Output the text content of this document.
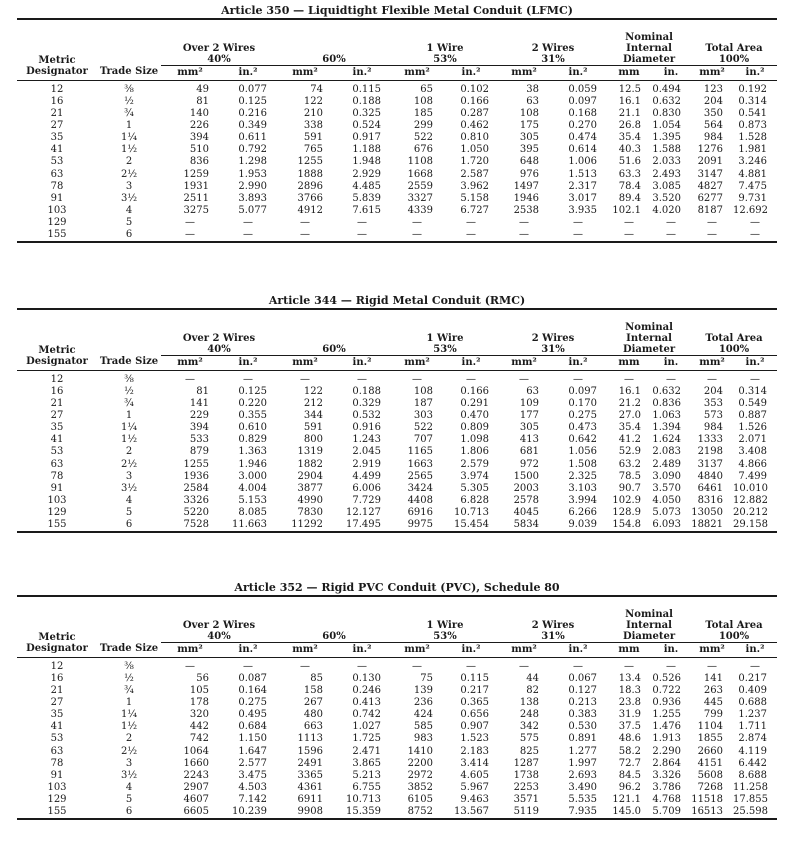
Article 350 — Liquidtight Flexible Metal Conduit (LFMC)
Metric Designator	Trade Size	Over 2 Wires
40%		60%		1 Wire
53%		2 Wires
31%		Nominal Internal Diameter		Total Area
100%	
		mm²	in.²	mm²	in.²	mm²	in.²	mm²	in.²	mm	in.	mm²	in.²
12	⅜	49	0.077	74	0.115	65	0.102	38	0.059	12.5	0.494	123	0.192
16	½	81	0.125	122	0.188	108	0.166	63	0.097	16.1	0.632	204	0.314
21	¾	140	0.216	210	0.325	185	0.287	108	0.168	21.1	0.830	350	0.541
27	1	226	0.349	338	0.524	299	0.462	175	0.270	26.8	1.054	564	0.873
35	1¼	394	0.611	591	0.917	522	0.810	305	0.474	35.4	1.395	984	1.528
41	1½	510	0.792	765	1.188	676	1.050	395	0.614	40.3	1.588	1276	1.981
53	2	836	1.298	1255	1.948	1108	1.720	648	1.006	51.6	2.033	2091	3.246
63	2½	1259	1.953	1888	2.929	1668	2.587	976	1.513	63.3	2.493	3147	4.881
78	3	1931	2.990	2896	4.485	2559	3.962	1497	2.317	78.4	3.085	4827	7.475
91	3½	2511	3.893	3766	5.839	3327	5.158	1946	3.017	89.4	3.520	6277	9.731
103	4	3275	5.077	4912	7.615	4339	6.727	2538	3.935	102.1	4.020	8187	12.692
129	5	—	—	—	—	—	—	—	—	—	—	—	—
155	6	—	—	—	—	—	—	—	—	—	—	—	—
Article 344 — Rigid Metal Conduit (RMC)
Metric Designator	Trade Size	Over 2 Wires
40%		60%		1 Wire
53%		2 Wires
31%		Nominal Internal Diameter		Total Area
100%	
		mm²	in.²	mm²	in.²	mm²	in.²	mm²	in.²	mm	in.	mm²	in.²
12	⅜	—	—	—	—	—	—	—	—	—	—	—	—
16	½	81	0.125	122	0.188	108	0.166	63	0.097	16.1	0.632	204	0.314
21	¾	141	0.220	212	0.329	187	0.291	109	0.170	21.2	0.836	353	0.549
27	1	229	0.355	344	0.532	303	0.470	177	0.275	27.0	1.063	573	0.887
35	1¼	394	0.610	591	0.916	522	0.809	305	0.473	35.4	1.394	984	1.526
41	1½	533	0.829	800	1.243	707	1.098	413	0.642	41.2	1.624	1333	2.071
53	2	879	1.363	1319	2.045	1165	1.806	681	1.056	52.9	2.083	2198	3.408
63	2½	1255	1.946	1882	2.919	1663	2.579	972	1.508	63.2	2.489	3137	4.866
78	3	1936	3.000	2904	4.499	2565	3.974	1500	2.325	78.5	3.090	4840	7.499
91	3½	2584	4.004	3877	6.006	3424	5.305	2003	3.103	90.7	3.570	6461	10.010
103	4	3326	5.153	4990	7.729	4408	6.828	2578	3.994	102.9	4.050	8316	12.882
129	5	5220	8.085	7830	12.127	6916	10.713	4045	6.266	128.9	5.073	13050	20.212
155	6	7528	11.663	11292	17.495	9975	15.454	5834	9.039	154.8	6.093	18821	29.158
Article 352 — Rigid PVC Conduit (PVC), Schedule 80
Metric Designator	Trade Size	Over 2 Wires
40%		60%		1 Wire
53%		2 Wires
31%		Nominal Internal Diameter		Total Area
100%	
		mm²	in.²	mm²	in.²	mm²	in.²	mm²	in.²	mm	in.	mm²	in.²
12	⅜	—	—	—	—	—	—	—	—	—	—	—	—
16	½	56	0.087	85	0.130	75	0.115	44	0.067	13.4	0.526	141	0.217
21	¾	105	0.164	158	0.246	139	0.217	82	0.127	18.3	0.722	263	0.409
27	1	178	0.275	267	0.413	236	0.365	138	0.213	23.8	0.936	445	0.688
35	1¼	320	0.495	480	0.742	424	0.656	248	0.383	31.9	1.255	799	1.237
41	1½	442	0.684	663	1.027	585	0.907	342	0.530	37.5	1.476	1104	1.711
53	2	742	1.150	1113	1.725	983	1.523	575	0.891	48.6	1.913	1855	2.874
63	2½	1064	1.647	1596	2.471	1410	2.183	825	1.277	58.2	2.290	2660	4.119
78	3	1660	2.577	2491	3.865	2200	3.414	1287	1.997	72.7	2.864	4151	6.442
91	3½	2243	3.475	3365	5.213	2972	4.605	1738	2.693	84.5	3.326	5608	8.688
103	4	2907	4.503	4361	6.755	3852	5.967	2253	3.490	96.2	3.786	7268	11.258
129	5	4607	7.142	6911	10.713	6105	9.463	3571	5.535	121.1	4.768	11518	17.855
155	6	6605	10.239	9908	15.359	8752	13.567	5119	7.935	145.0	5.709	16513	25.598
